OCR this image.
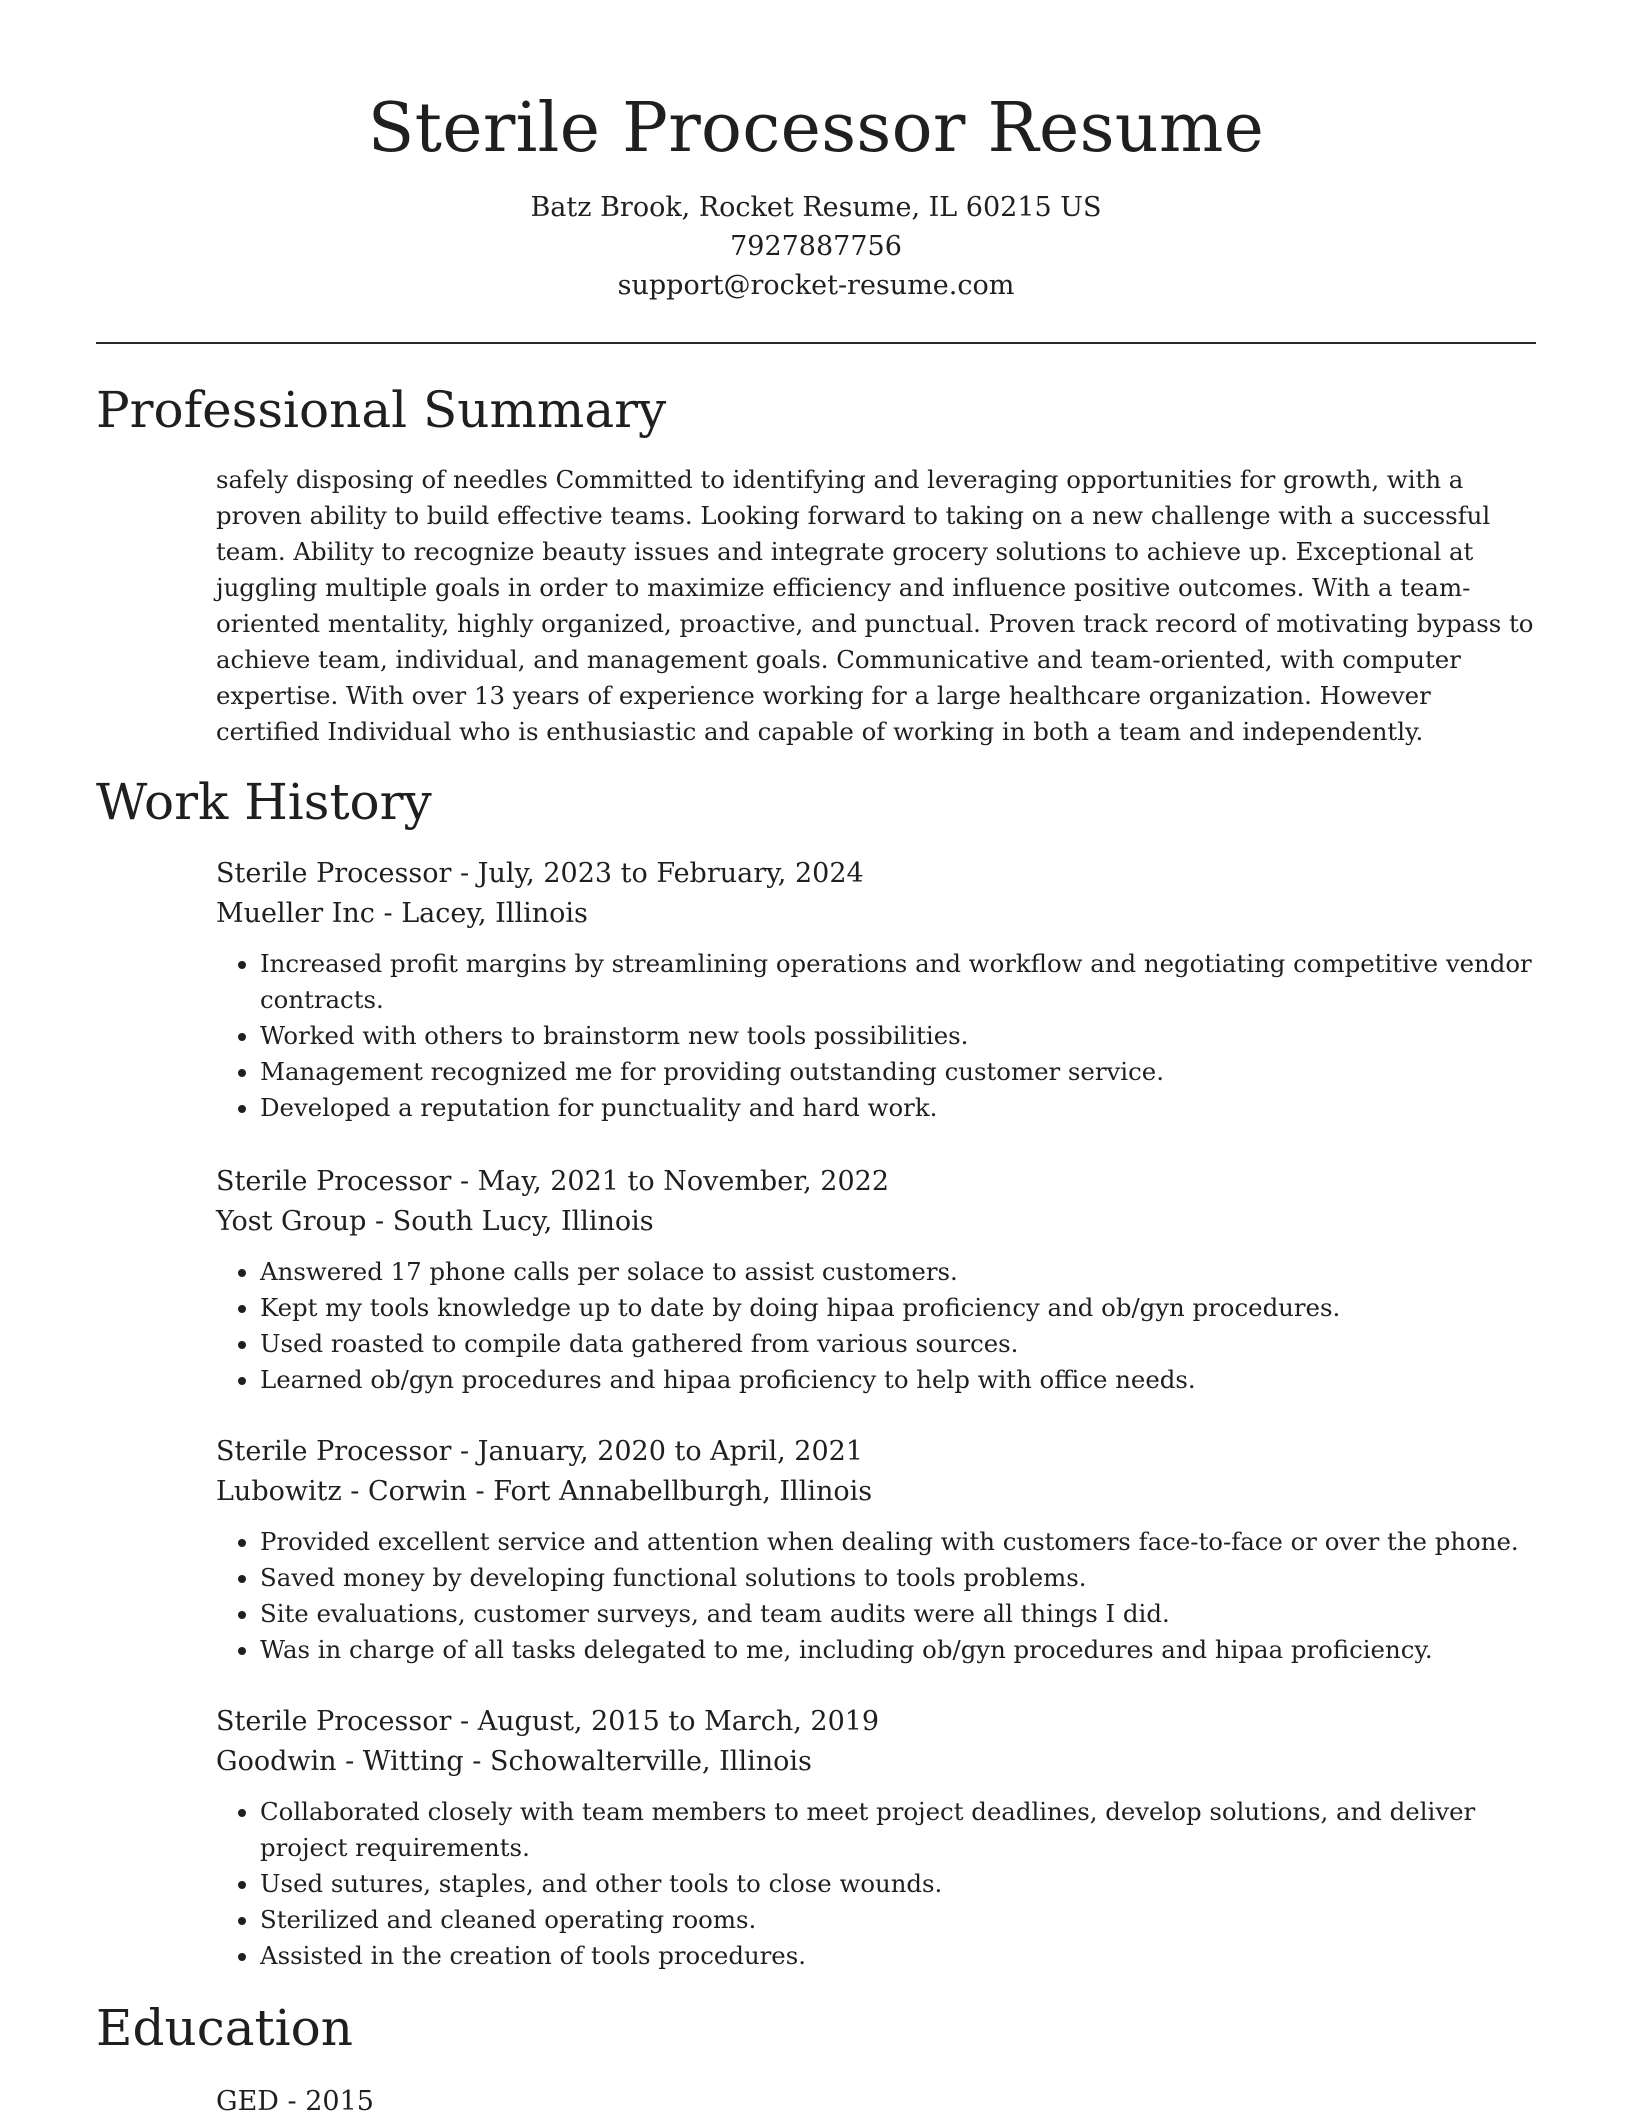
Sterile Processor Resume
Batz Brook, Rocket Resume, IL 60215 US
7927887756
support@rocket-resume.com
Professional Summary

safely disposing of needles Committed to identifying and leveraging opportunities for growth, with a proven ability to build effective teams. Looking forward to taking on a new challenge with a successful team. Ability to recognize beauty issues and integrate grocery solutions to achieve up. Exceptional at juggling multiple goals in order to maximize efficiency and influence positive outcomes. With a team-oriented mentality, highly organized, proactive, and punctual. Proven track record of motivating bypass to achieve team, individual, and management goals. Communicative and team-oriented, with computer expertise. With over 13 years of experience working for a large healthcare organization. However certified Individual who is enthusiastic and capable of working in both a team and independently.

Work History

Sterile Processor - July, 2023 to February, 2024

Mueller Inc - Lacey, Illinois

• Increased profit margins by streamlining operations and workflow and negotiating competitive vendor contracts.
• Worked with others to brainstorm new tools possibilities.
• Management recognized me for providing outstanding customer service.
• Developed a reputation for punctuality and hard work.

Sterile Processor - May, 2021 to November, 2022

Yost Group - South Lucy, Illinois

• Answered 17 phone calls per solace to assist customers.
• Kept my tools knowledge up to date by doing hipaa proficiency and ob/gyn procedures.
• Used roasted to compile data gathered from various sources.
• Learned ob/gyn procedures and hipaa proficiency to help with office needs.

Sterile Processor - January, 2020 to April, 2021

Lubowitz - Corwin - Fort Annabellburgh, Illinois

• Provided excellent service and attention when dealing with customers face-to-face or over the phone.
• Saved money by developing functional solutions to tools problems.
• Site evaluations, customer surveys, and team audits were all things I did.
• Was in charge of all tasks delegated to me, including ob/gyn procedures and hipaa proficiency.

Sterile Processor - August, 2015 to March, 2019

Goodwin - Witting - Schowalterville, Illinois

• Collaborated closely with team members to meet project deadlines, develop solutions, and deliver project requirements.
• Used sutures, staples, and other tools to close wounds.
• Sterilized and cleaned operating rooms.
• Assisted in the creation of tools procedures.
Education

GED - 2015
